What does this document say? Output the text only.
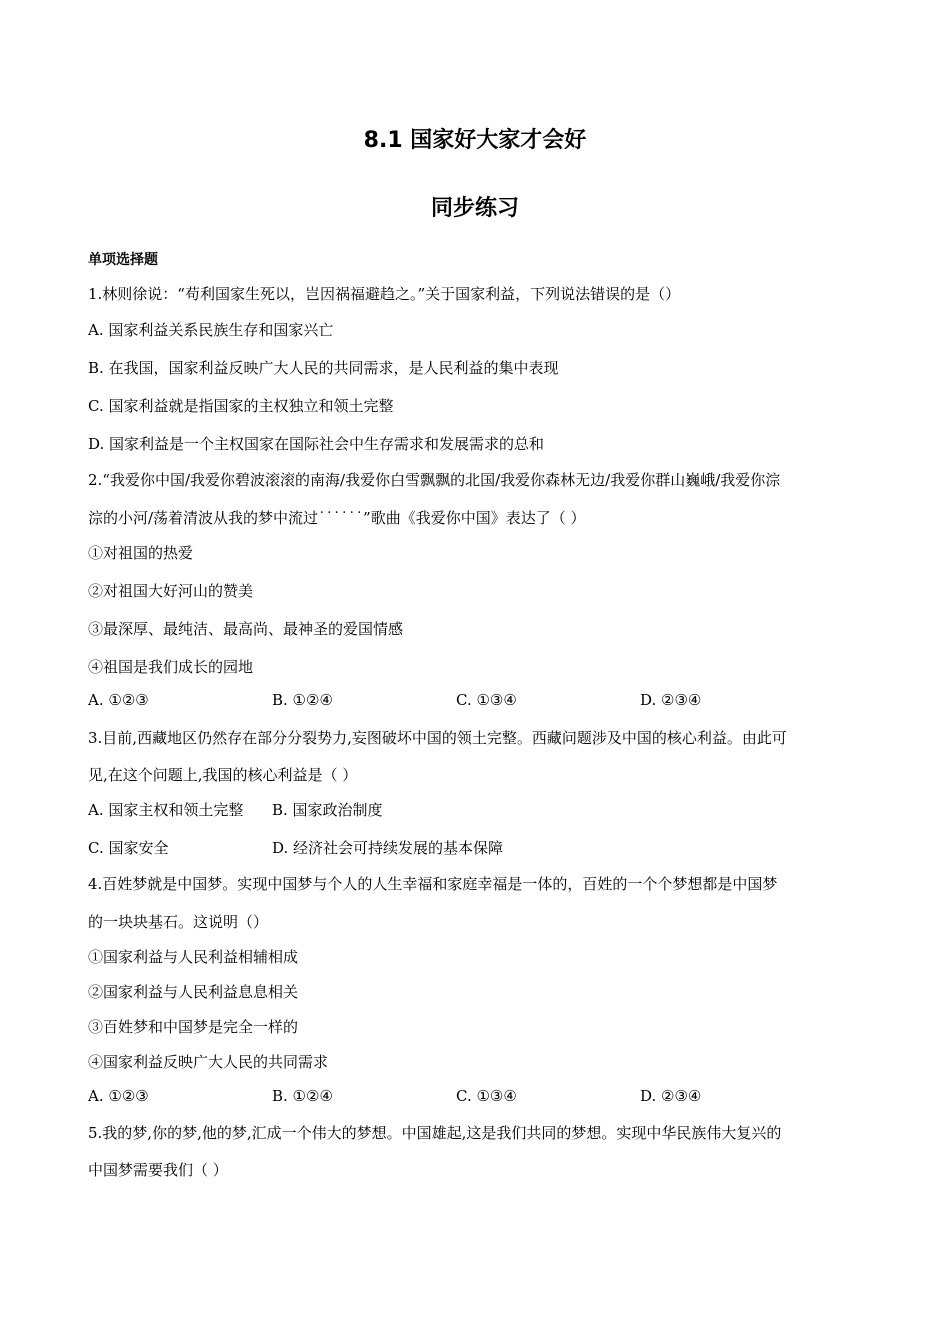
8.1 国家好大家才会好
同步练习
单项选择题
1.林则徐说：“苟利国家生死以，岂因祸福避趋之。”关于国家利益，下列说法错误的是（）
A. 国家利益关系民族生存和国家兴亡
B. 在我国，国家利益反映广大人民的共同需求，是人民利益的集中表现
C. 国家利益就是指国家的主权独立和领土完整
D. 国家利益是一个主权国家在国际社会中生存需求和发展需求的总和
2.“我爱你中国/我爱你碧波滚滚的南海/我爱你白雪飘飘的北国/我爱你森林无边/我爱你群山巍峨/我爱你淙
淙的小河/荡着清波从我的梦中流过˙˙˙˙˙˙”歌曲《我爱你中国》表达了（ ）
①对祖国的热爱
②对祖国大好河山的赞美
③最深厚、最纯洁、最高尚、最神圣的爱国情感
④祖国是我们成长的园地
A. ①②③	B. ①②④	C. ①③④	D. ②③④
3.目前,西藏地区仍然存在部分分裂势力,妄图破坏中国的领土完整。西藏问题涉及中国的核心利益。由此可
见,在这个问题上,我国的核心利益是（ ）
A. 国家主权和领土完整 B. 国家政治制度
C. 国家安全	D. 经济社会可持续发展的基本保障
4.百姓梦就是中国梦。实现中国梦与个人的人生幸福和家庭幸福是一体的，百姓的一个个梦想都是中国梦
的一块块基石。这说明（）
①国家利益与人民利益相辅相成
②国家利益与人民利益息息相关
③百姓梦和中国梦是完全一样的
④国家利益反映广大人民的共同需求
A. ①②③	B. ①②④	C. ①③④	D. ②③④
5.我的梦,你的梦,他的梦,汇成一个伟大的梦想。中国雄起,这是我们共同的梦想。实现中华民族伟大复兴的
中国梦需要我们（ ）
